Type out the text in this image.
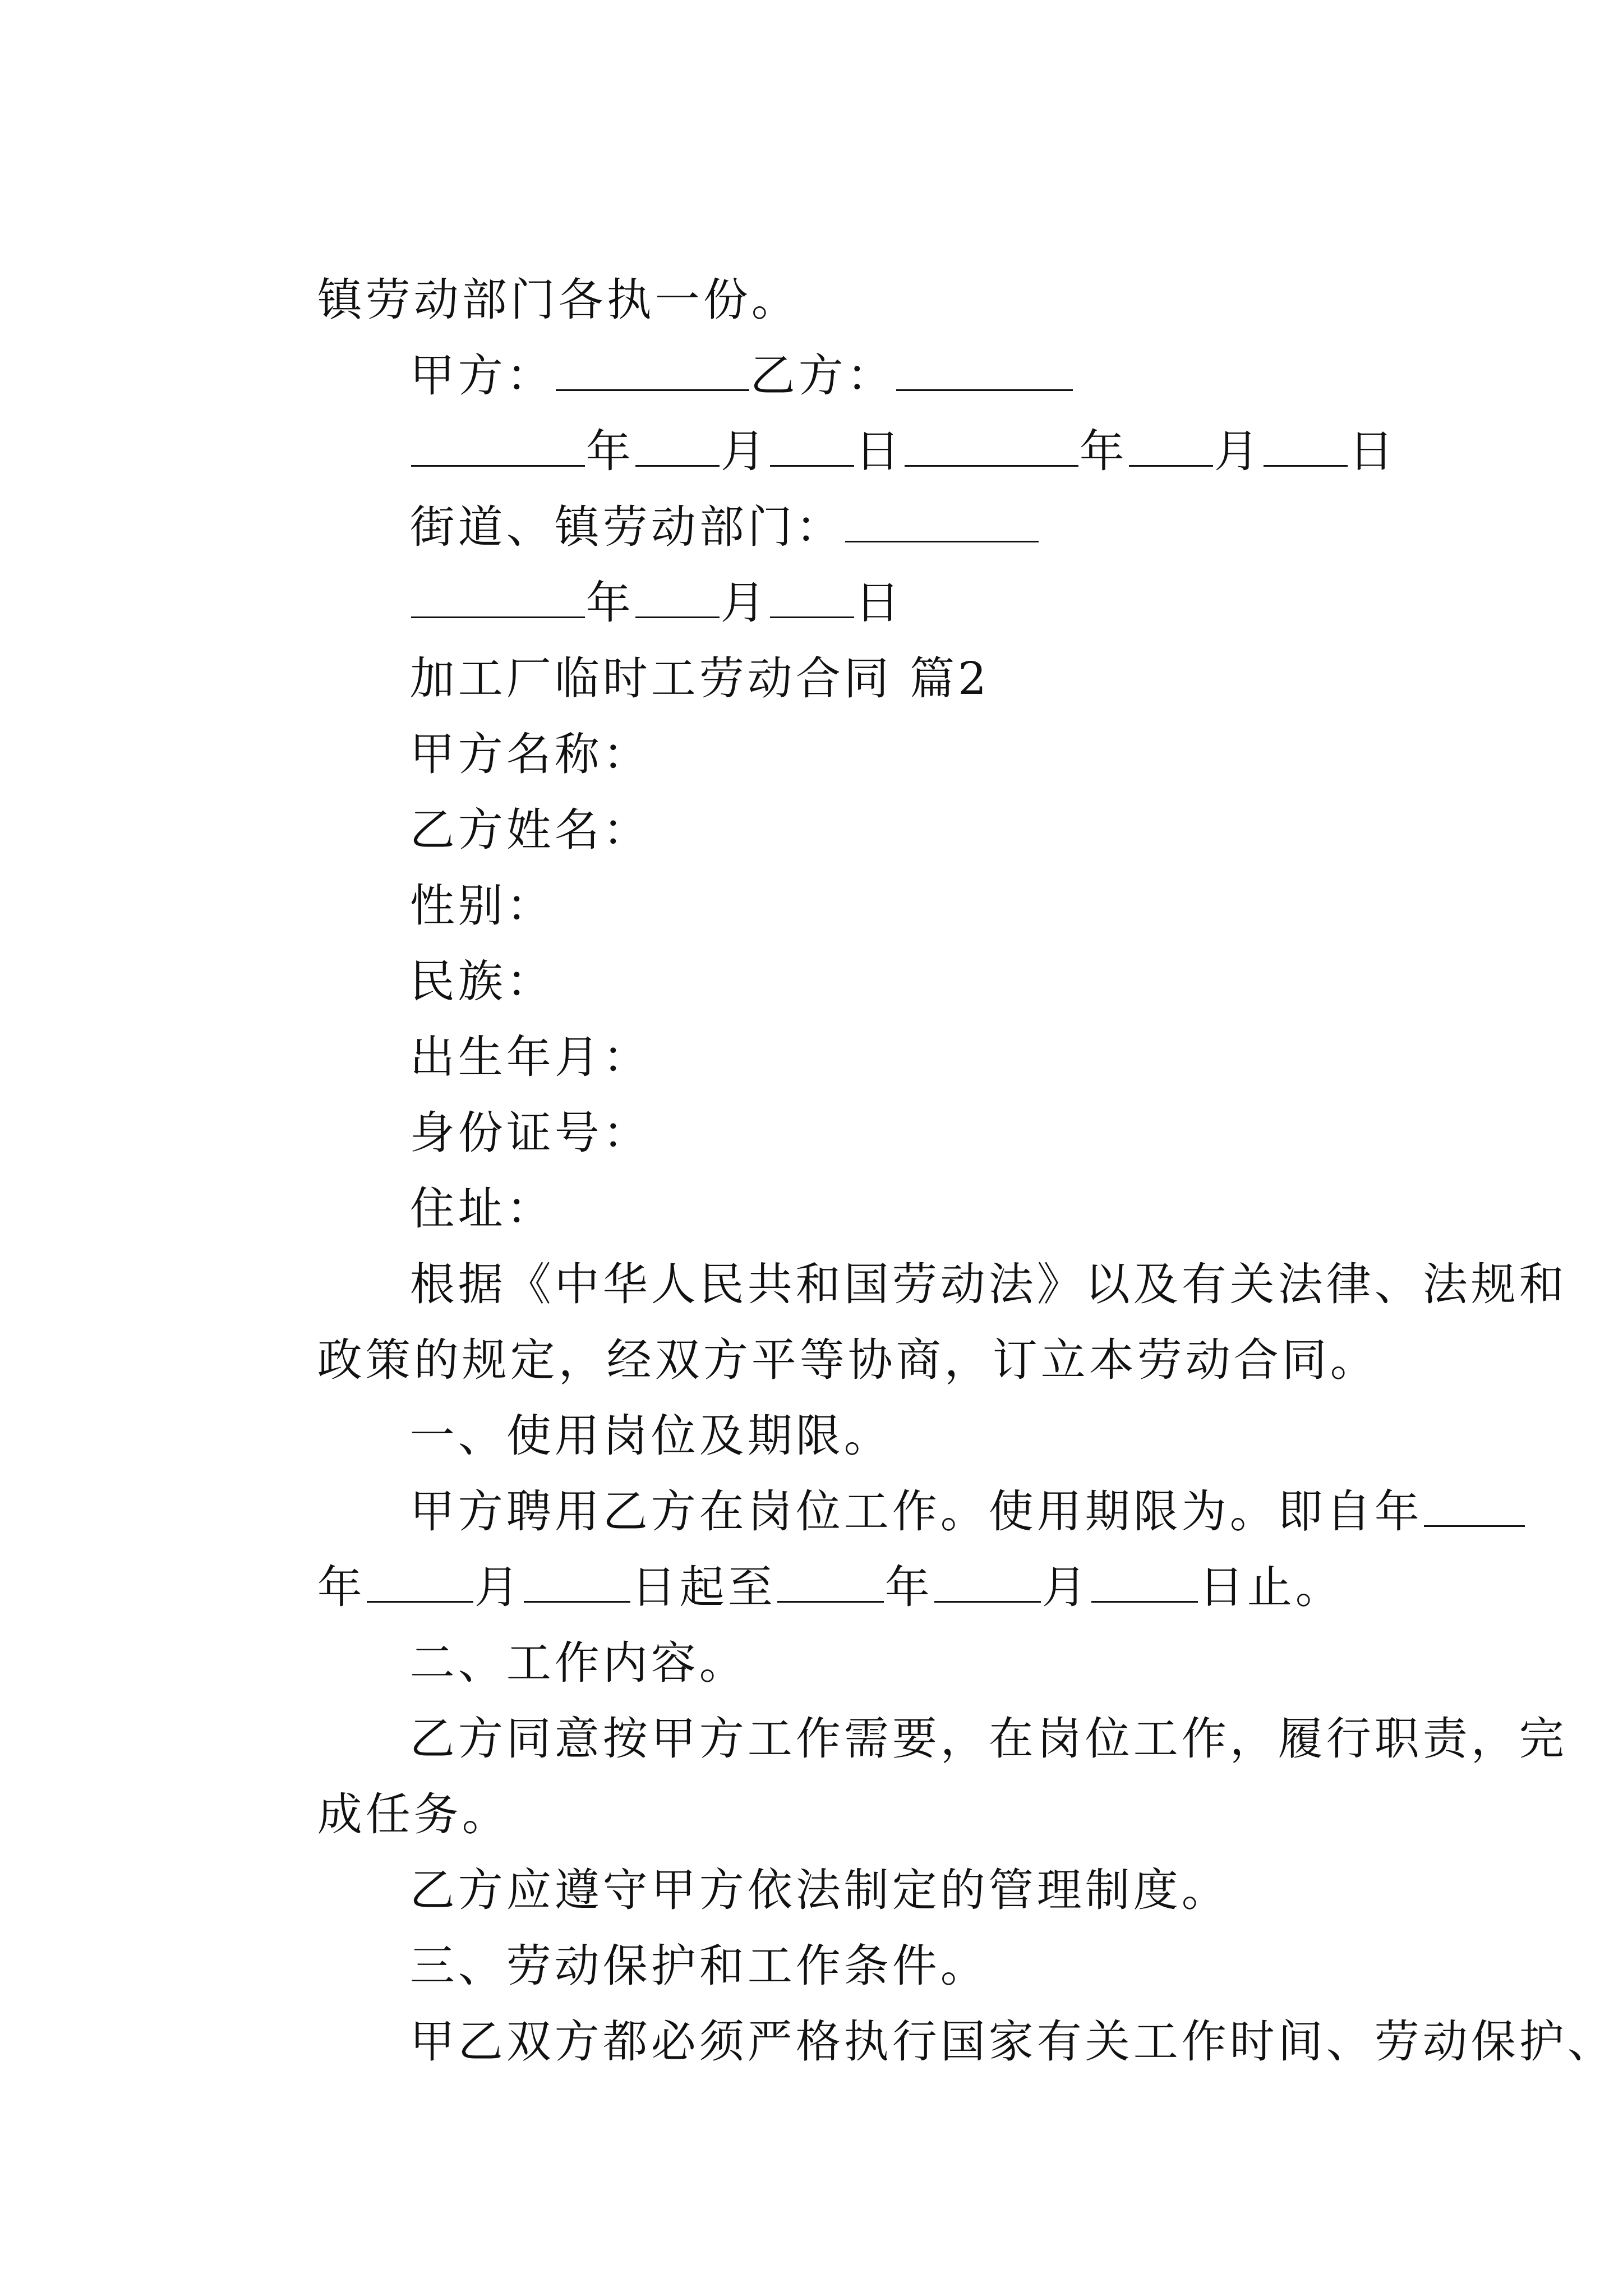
镇劳动部门各执一份。

甲方：	乙方：

年 月 日	年 月 日

街道、镇劳动部门：

年 月 日

加工厂临时工劳动合同 篇2

甲方名称：

乙方姓名：

性别：

民族：

出生年月：

身份证号：

住址：

根据《中华人民共和国劳动法》以及有关法律、法规和

政策的规定，经双方平等协商，订立本劳动合同。

一、使用岗位及期限。

甲方聘用乙方在岗位工作。使用期限为。即自年

年 月 日起至 年 月 日止。

二、工作内容。

乙方同意按甲方工作需要，在岗位工作，履行职责，完

成任务。

乙方应遵守甲方依法制定的管理制度。

三、劳动保护和工作条件。

甲乙双方都必须严格执行国家有关工作时间、劳动保护、
